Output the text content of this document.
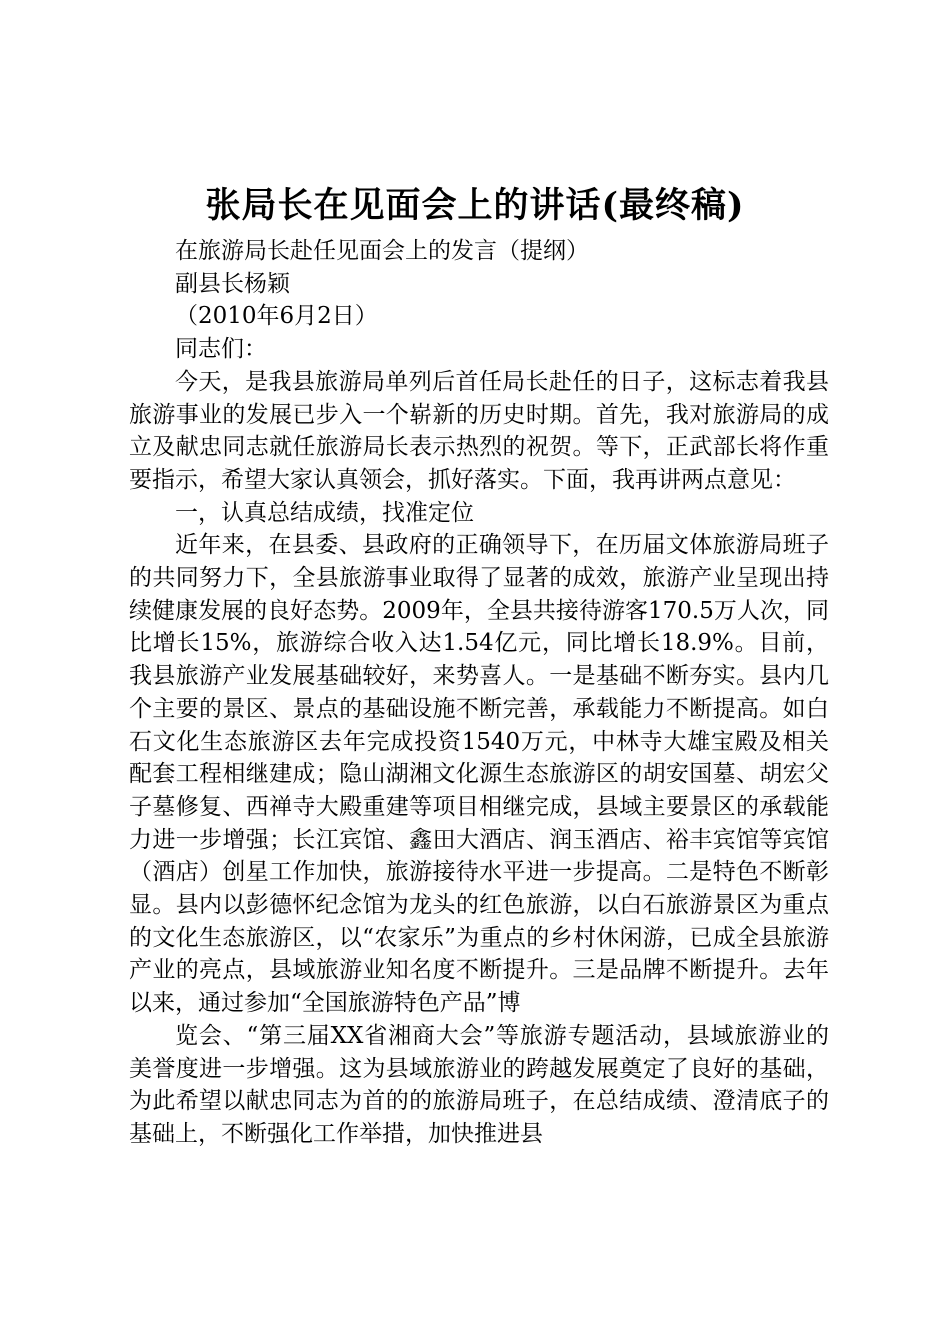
张局长在见面会上的讲话(最终稿)

在旅游局长赴任见面会上的发言（提纲）

副县长杨颖

（2010年6月2日）

同志们：

今天，是我县旅游局单列后首任局长赴任的日子，这标志着我县旅游事业的发展已步入一个崭新的历史时期。首先，我对旅游局的成立及献忠同志就任旅游局长表示热烈的祝贺。等下，正武部长将作重要指示，希望大家认真领会，抓好落实。下面，我再讲两点意见：

一，认真总结成绩，找准定位

近年来，在县委、县政府的正确领导下，在历届文体旅游局班子的共同努力下，全县旅游事业取得了显著的成效，旅游产业呈现出持续健康发展的良好态势。2009年，全县共接待游客170.5万人次，同比增长15%，旅游综合收入达1.54亿元，同比增长18.9%。目前，我县旅游产业发展基础较好，来势喜人。一是基础不断夯实。县内几个主要的景区、景点的基础设施不断完善，承载能力不断提高。如白石文化生态旅游区去年完成投资1540万元，中林寺大雄宝殿及相关配套工程相继建成；隐山湖湘文化源生态旅游区的胡安国墓、胡宏父子墓修复、西禅寺大殿重建等项目相继完成，县域主要景区的承载能力进一步增强；长江宾馆、鑫田大酒店、润玉酒店、裕丰宾馆等宾馆（酒店）创星工作加快，旅游接待水平进一步提高。二是特色不断彰显。县内以彭德怀纪念馆为龙头的红色旅游，以白石旅游景区为重点的文化生态旅游区，以“农家乐”为重点的乡村休闲游，已成全县旅游产业的亮点，县域旅游业知名度不断提升。三是品牌不断提升。去年以来，通过参加“全国旅游特色产品”博

览会、“第三届XX省湘商大会”等旅游专题活动，县域旅游业的美誉度进一步增强。这为县域旅游业的跨越发展奠定了良好的基础，为此希望以献忠同志为首的的旅游局班子，在总结成绩、澄清底子的基础上，不断强化工作举措，加快推进县
